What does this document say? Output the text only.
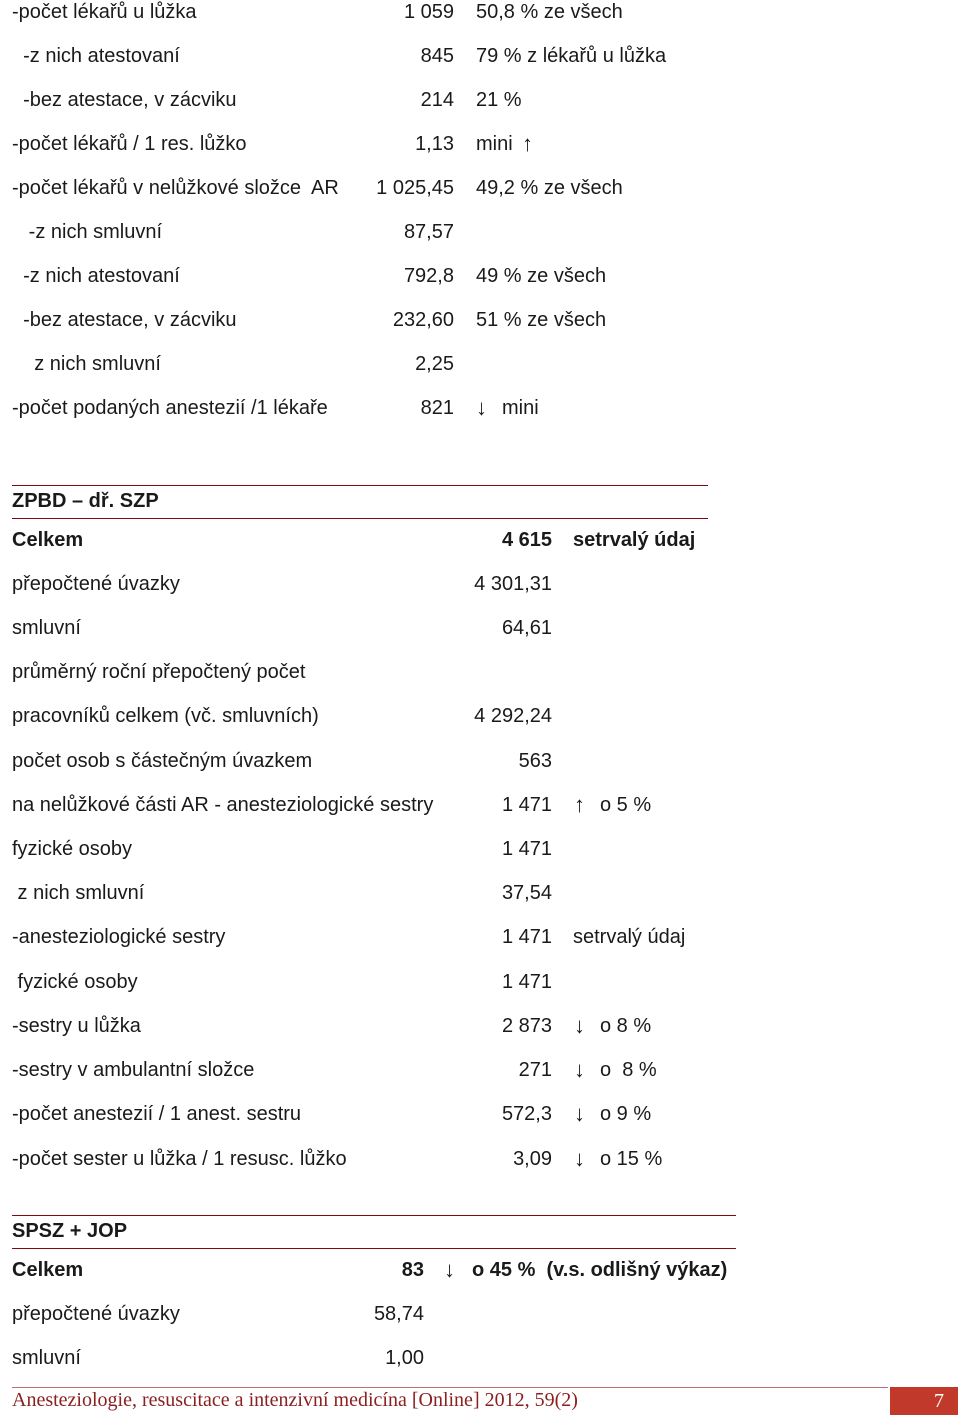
-počet lékařů u lůžka	1 059 50,8 % ze všech
-z nich atestovaní	845 79 % z lékařů u lůžka
-bez atestace, v zácviku	214 21 %
-počet lékařů / 1 res. lůžko	1,13 mini ↑
-počet lékařů v nelůžkové složce  AR 1 025,45 49,2 % ze všech
-z nich smluvní	87,57
-z nich atestovaní	792,8 49 % ze všech
-bez atestace, v zácviku	232,60 51 % ze všech
z nich smluvní	2,25
-počet podaných anestezií /1 lékaře	821 ↓ mini
ZPBD – dř. SZP
Celkem	4 615 setrvalý údaj
přepočtené úvazky	4 301,31
smluvní	64,61
průměrný roční přepočtený počet
pracovníků celkem (vč. smluvních)	4 292,24
počet osob s částečným úvazkem	563
na nelůžkové části AR - anesteziologické sestry	1 471 ↑ o 5 %
fyzické osoby	1 471
z nich smluvní	37,54
-anesteziologické sestry	1 471 setrvalý údaj
fyzické osoby	1 471
-sestry u lůžka	2 873 ↓ o 8 %
-sestry v ambulantní složce	271 ↓ o  8 %
-počet anestezií / 1 anest. sestru	572,3 ↓ o 9 %
-počet sester u lůžka / 1 resusc. lůžko	3,09 ↓ o 15 %
SPSZ + JOP
Celkem	83 ↓ o 45 %  (v.s. odlišný výkaz)
přepočtené úvazky	58,74
smluvní	1,00
Anesteziologie, resuscitace a intenzivní medicína [Online] 2012, 59(2)	7
